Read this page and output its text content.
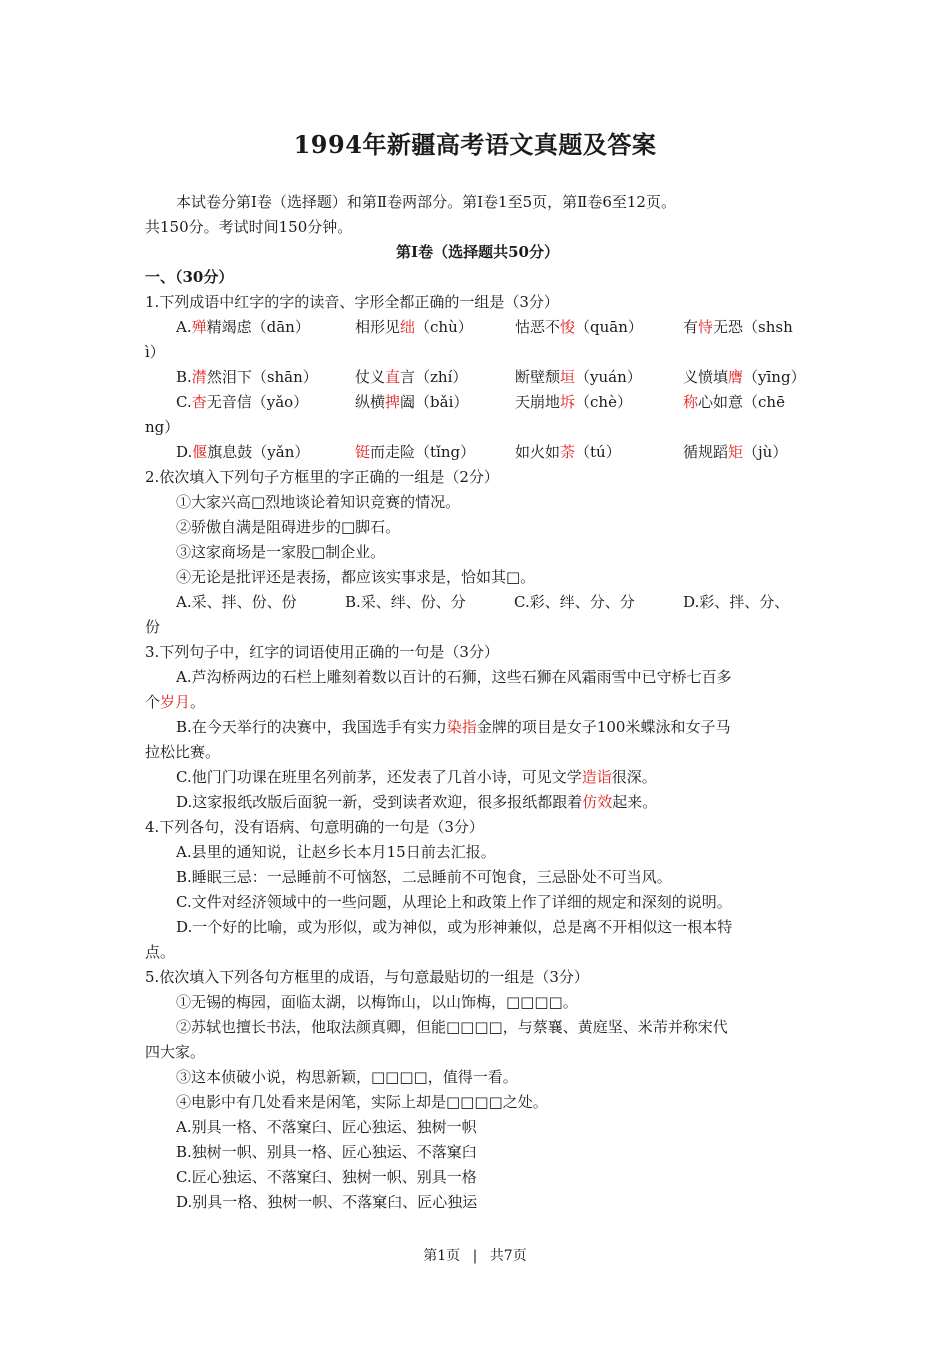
1994年新疆高考语文真题及答案
本试卷分第Ⅰ卷（选择题）和第Ⅱ卷两部分。第Ⅰ卷1至5页，第Ⅱ卷6至12页。
共150分。考试时间150分钟。
第Ⅰ卷（选择题共50分）
一、（30分）
1.下列成语中红字的字的读音、字形全都正确的一组是（3分）
A.殚精竭虑（dān）	相形见绌（chù）	怙恶不悛（quān）	有恃无恐（shsh
ì）
B.潸然泪下（shān） 仗义直言（zhí）	断壁颓垣（yuán）	义愤填膺（yīng）
C.杳无音信（yǎo）	纵横捭阖（bǎi）	天崩地坼（chè）	称心如意（chē
ng）
D.偃旗息鼓（yǎn）	铤而走险（tǐng）	如火如荼（tú）	循规蹈矩（jù）
2.依次填入下列句子方框里的字正确的一组是（2分）
①大家兴高□烈地谈论着知识竞赛的情况。
②骄傲自满是阻碍进步的□脚石。
③这家商场是一家股□制企业。
④无论是批评还是表扬，都应该实事求是，恰如其□。
A.采、拌、份、份	B.采、绊、份、分	C.彩、绊、分、分	D.彩、拌、分、
份
3.下列句子中，红字的词语使用正确的一句是（3分）
A.芦沟桥两边的石栏上雕刻着数以百计的石狮，这些石狮在风霜雨雪中已守桥七百多
个岁月。
B.在今天举行的决赛中，我国选手有实力染指金牌的项目是女子100米蝶泳和女子马
拉松比赛。
C.他门门功课在班里名列前茅，还发表了几首小诗，可见文学造诣很深。
D.这家报纸改版后面貌一新，受到读者欢迎，很多报纸都跟着仿效起来。
4.下列各句，没有语病、句意明确的一句是（3分）
A.县里的通知说，让赵乡长本月15日前去汇报。
B.睡眠三忌：一忌睡前不可恼怒，二忌睡前不可饱食，三忌卧处不可当风。
C.文件对经济领域中的一些问题，从理论上和政策上作了详细的规定和深刻的说明。
D.一个好的比喻，或为形似，或为神似，或为形神兼似，总是离不开相似这一根本特
点。
5.依次填入下列各句方框里的成语，与句意最贴切的一组是（3分）
①无锡的梅园，面临太湖，以梅饰山，以山饰梅，□□□□。
②苏轼也擅长书法，他取法颜真卿，但能□□□□，与蔡襄、黄庭坚、米芾并称宋代
四大家。
③这本侦破小说，构思新颖，□□□□，值得一看。
④电影中有几处看来是闲笔，实际上却是□□□□之处。
A.别具一格、不落窠臼、匠心独运、独树一帜
B.独树一帜、别具一格、匠心独运、不落窠臼
C.匠心独运、不落窠臼、独树一帜、别具一格
D.别具一格、独树一帜、不落窠臼、匠心独运
第1页 | 共7页
